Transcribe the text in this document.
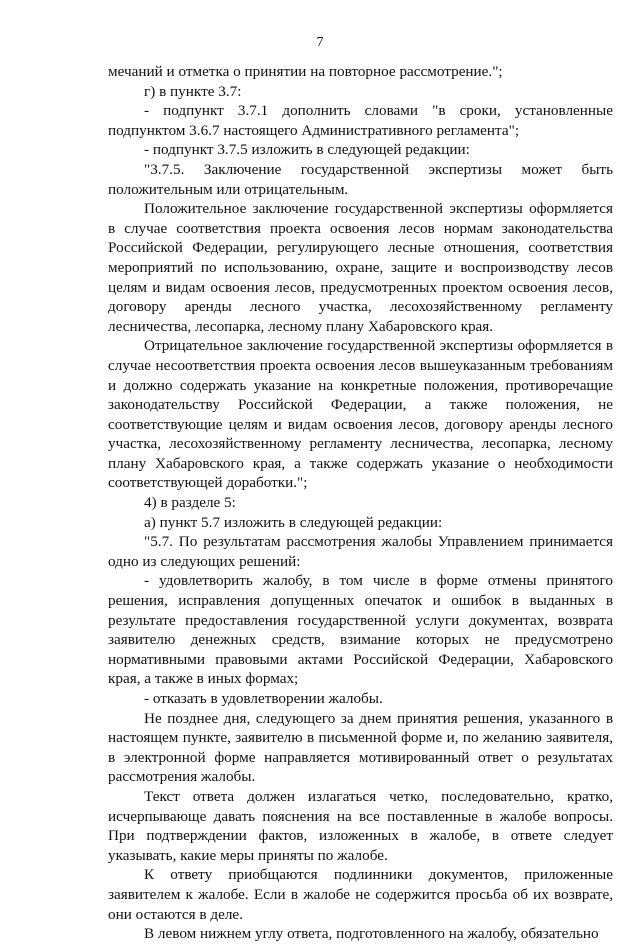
7

мечаний и отметка о принятии на повторное рассмотрение.";

г) в пункте 3.7:

- подпункт 3.7.1 дополнить словами "в сроки, установленные подпунктом 3.6.7 настоящего Административного регламента";

- подпункт 3.7.5 изложить в следующей редакции:

"3.7.5. Заключение государственной экспертизы может быть положительным или отрицательным.

Положительное заключение государственной экспертизы оформляется в случае соответствия проекта освоения лесов нормам законодательства Российской Федерации, регулирующего лесные отношения, соответствия мероприятий по использованию, охране, защите и воспроизводству лесов целям и видам освоения лесов, предусмотренных проектом освоения лесов, договору аренды лесного участка, лесохозяйственному регламенту лесничества, лесопарка, лесному плану Хабаровского края.

Отрицательное заключение государственной экспертизы оформляется в случае несоответствия проекта освоения лесов вышеуказанным требованиям и должно содержать указание на конкретные положения, противоречащие законодательству Российской Федерации, а также положения, не соответствующие целям и видам освоения лесов, договору аренды лесного участка, лесохозяйственному регламенту лесничества, лесопарка, лесному плану Хабаровского края, а также содержать указание о необходимости соответствующей доработки.";

4) в разделе 5:

а) пункт 5.7 изложить в следующей редакции:

"5.7. По результатам рассмотрения жалобы Управлением принимается одно из следующих решений:

- удовлетворить жалобу, в том числе в форме отмены принятого решения, исправления допущенных опечаток и ошибок в выданных в результате предоставления государственной услуги документах, возврата заявителю денежных средств, взимание которых не предусмотрено нормативными правовыми актами Российской Федерации, Хабаровского края, а также в иных формах;

- отказать в удовлетворении жалобы.

Не позднее дня, следующего за днем принятия решения, указанного в настоящем пункте, заявителю в письменной форме и, по желанию заявителя, в электронной форме направляется мотивированный ответ о результатах рассмотрения жалобы.

Текст ответа должен излагаться четко, последовательно, кратко, исчерпывающе давать пояснения на все поставленные в жалобе вопросы. При подтверждении фактов, изложенных в жалобе, в ответе следует указывать, какие меры приняты по жалобе.

К ответу приобщаются подлинники документов, приложенные заявителем к жалобе. Если в жалобе не содержится просьба об их возврате, они остаются в деле.

В левом нижнем углу ответа, подготовленного на жалобу, обязательно
